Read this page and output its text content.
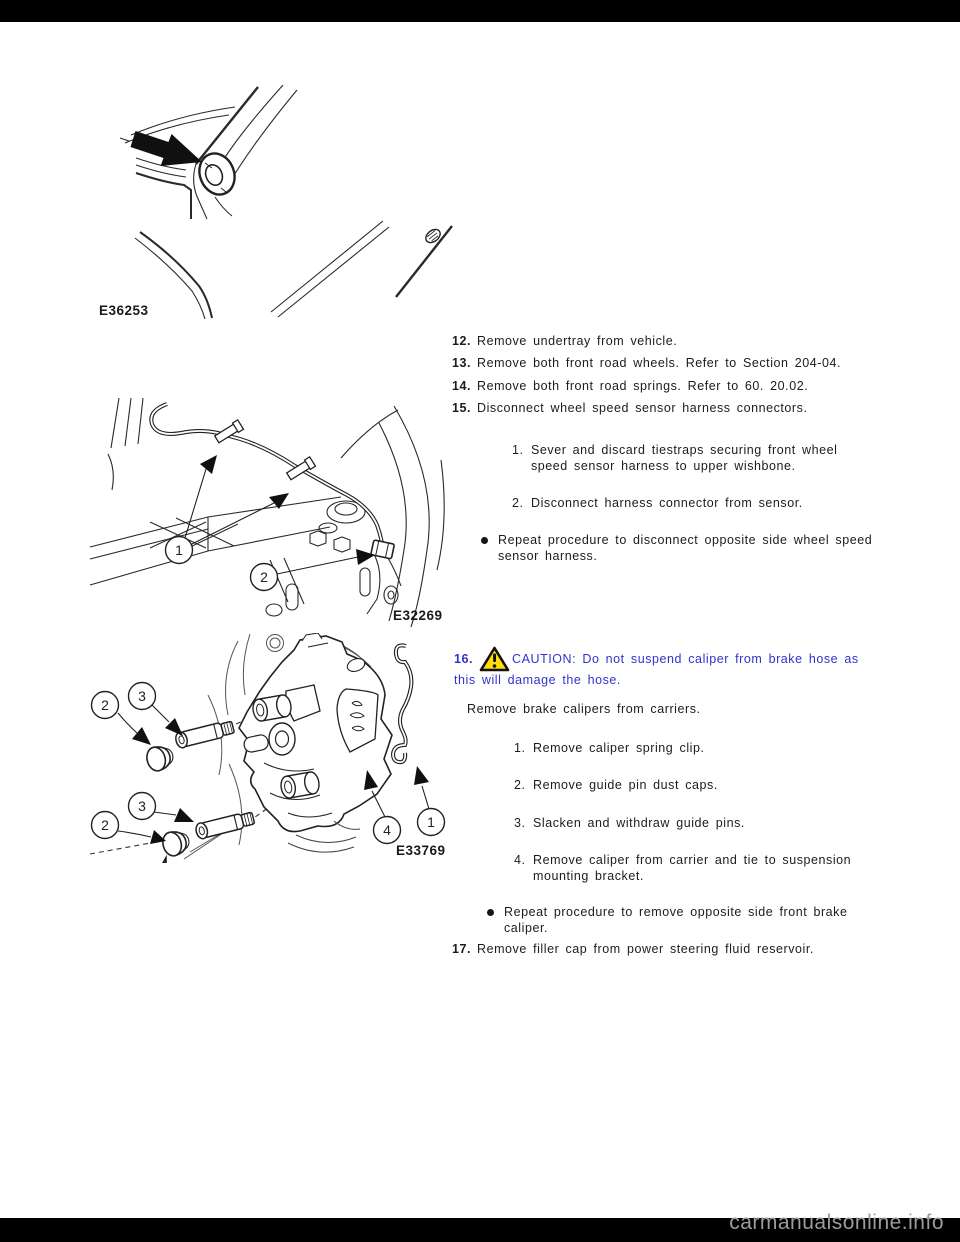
E36253
1
2
E32269
2
3
3
2	4	1
E33769
12. Remove undertray from vehicle.
13. Remove both front road wheels. Refer to Section 204-04.
14. Remove both front road springs. Refer to 60. 20.02.
15. Disconnect wheel speed sensor harness connectors.
1. Sever and discard tiestraps securing front wheel
speed sensor harness to upper wishbone.
2. Disconnect harness connector from sensor.
Repeat procedure to disconnect opposite side wheel speed
sensor harness.
16.	CAUTION: Do not suspend caliper from brake hose as
this will damage the hose.
Remove brake calipers from carriers.
1. Remove caliper spring clip.
2. Remove guide pin dust caps.
3. Slacken and withdraw guide pins.
4. Remove caliper from carrier and tie to suspension
mounting bracket.
Repeat procedure to remove opposite side front brake
caliper.
17. Remove filler cap from power steering fluid reservoir.
carmanualsonline.info
